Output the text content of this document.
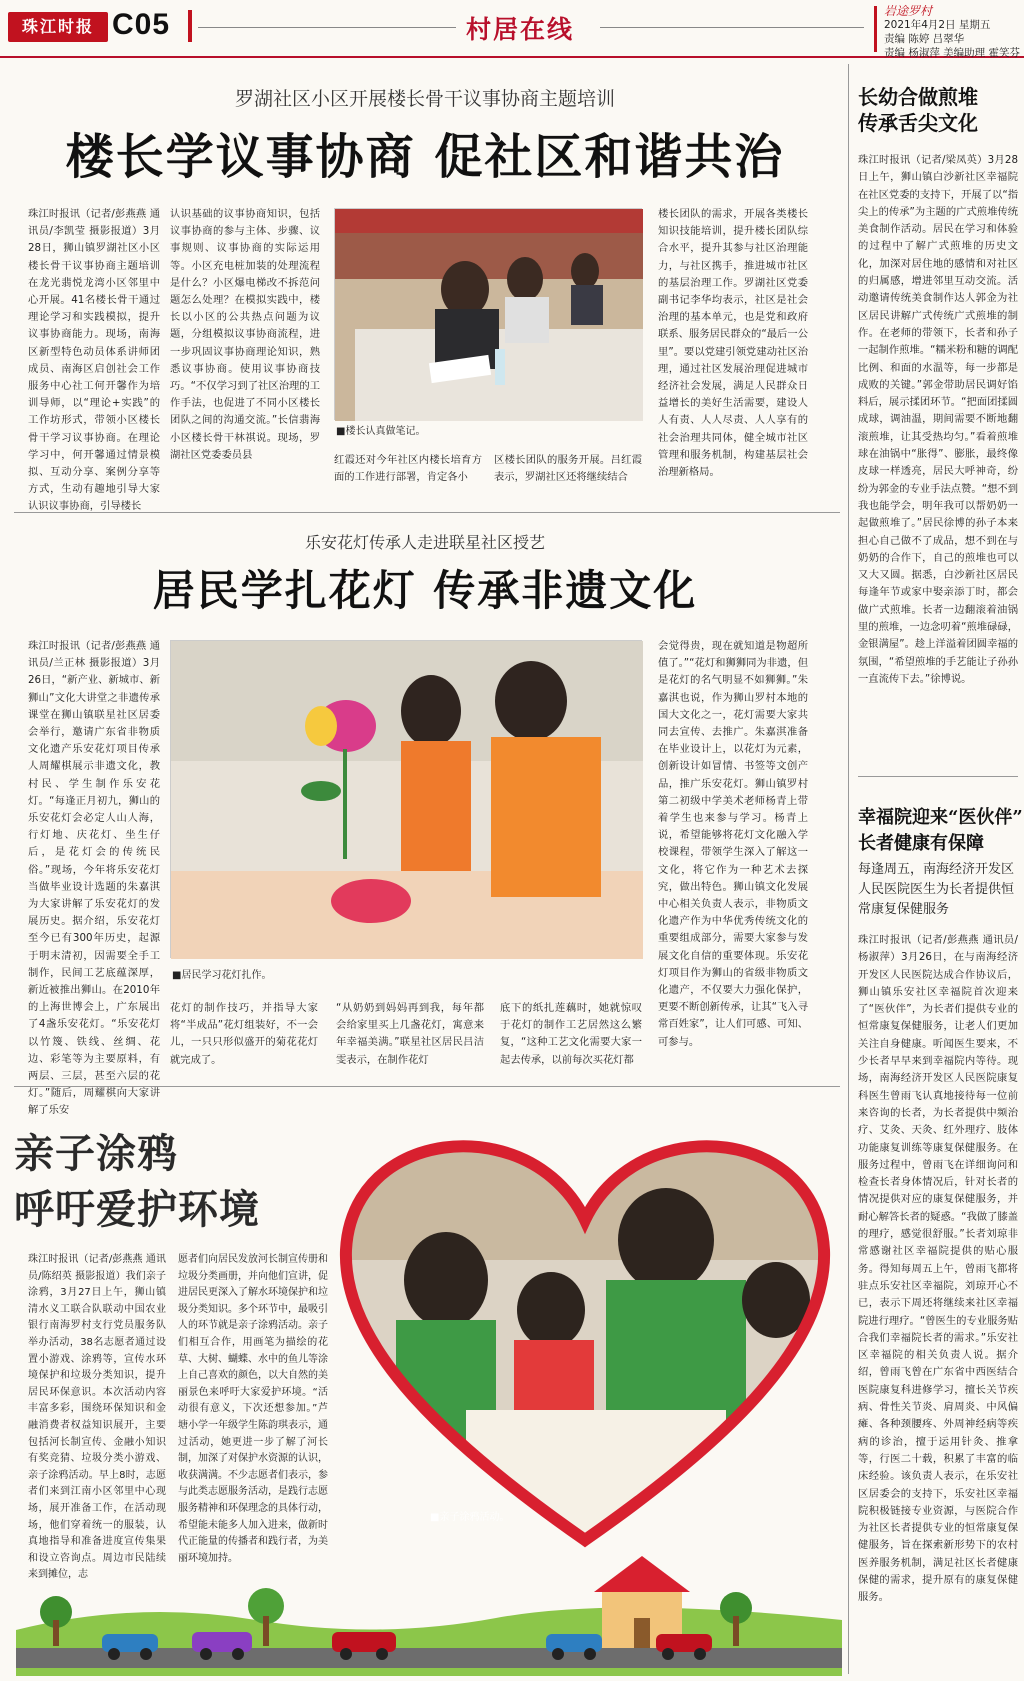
珠江时报 C05	村居在线
岩途罗村
2021年4月2日 星期五
责编 陈婷 吕翠华
责编 杨淑萍 美编助理 霍笑芬
罗湖社区小区开展楼长骨干议事协商主题培训
楼长学议事协商 促社区和谐共治
珠江时报讯（记者/彭燕燕 通讯员/李凯莹 摄影报道）3月28日，狮山镇罗湖社区小区楼长骨干议事协商主题培训在龙光翡悦龙湾小区邻里中心开展。41名楼长骨干通过理论学习和实践模拟，提升议事协商能力。现场，南海区新型特色动员体系讲师团成员、南海区启创社会工作服务中心社工何开馨作为培训导师，以“理论+实践”的工作坊形式，带领小区楼长骨干学习议事协商。在理论学习中，何开馨通过情景模拟、互动分享、案例分享等方式，生动有趣地引导大家认识议事协商，引导楼长
认识基础的议事协商知识，包括议事协商的参与主体、步骤、议事规则、议事协商的实际运用等。小区充电桩加装的处理流程是什么？小区爆电梯改不拆范问题怎么处理？在模拟实践中，楼长以小区的公共热点问题为议题，分组模拟议事协商流程，进一步巩固议事协商理论知识，熟悉议事协商。使用议事协商技巧。“不仅学习到了社区治理的工作手法，也促进了不同小区楼长团队之间的沟通交流。”长信翡海小区楼长骨干林祺说。现场，罗湖社区党委委员县
■楼长认真做笔记。
红霞还对今年社区内楼长培育方面的工作进行部署，肯定各小
区楼长团队的服务开展。吕红霞表示，罗湖社区还将继续结合
楼长团队的需求，开展各类楼长知识技能培训，提升楼长团队综合水平，提升其参与社区治理能力，与社区携手，推进城市社区的基层治理工作。罗湖社区党委副书记李华均表示，社区是社会治理的基本单元，也是党和政府联系、服务居民群众的“最后一公里”。要以党建引领党建动社区治理，通过社区发展治理促进城市经济社会发展，满足人民群众日益增长的美好生活需要，建设人人有责、人人尽责、人人享有的社会治理共同体，健全城市社区管理和服务机制，构建基层社会治理新格局。
乐安花灯传承人走进联星社区授艺
居民学扎花灯 传承非遗文化
珠江时报讯（记者/彭燕燕 通讯员/兰正林 摄影报道）3月26日，“新产业、新城市、新狮山”文化大讲堂之非遗传承课堂在狮山镇联星社区居委会举行，邀请广东省非物质文化遗产乐安花灯项目传承人周耀棋展示非遗文化，教村民、学生制作乐安花灯。“每逢正月初九，狮山的乐安花灯会必定人山人海，行灯地、庆花灯、坐生仔后，是花灯会的传统民俗。”现场，今年将乐安花灯当做毕业设计选题的朱嘉淇为大家讲解了乐安花灯的发展历史。据介绍，乐安花灯至今已有300年历史，起源于明末清初，因需要全手工制作，民间工艺底蕴深厚，新近被推出狮山。在2010年的上海世博会上，广东展出了4盏乐安花灯。“乐安花灯以竹篾、铁线、丝绸、花边、彩笔等为主要原料，有两层、三层，甚至六层的花灯。”随后，周耀棋向大家讲解了乐安
■居民学习花灯扎作。
花灯的制作技巧，并指导大家将“半成品”花灯组装好，不一会儿，一只只形似盛开的菊花花灯就完成了。
“从奶奶到妈妈再到我，每年都会给家里买上几盏花灯，寓意来年幸福美满。”联星社区居民吕洁雯表示，在制作花灯
底下的纸扎莲藕时，她就惊叹于花灯的制作工艺居然这么繁复，“这种工艺文化需要大家一起去传承，以前每次买花灯都
会觉得贵，现在就知道是物超所值了。”“花灯和狮狮同为非遗，但是花灯的名气明显不如狮狮。”朱嘉淇也说，作为狮山罗村本地的国大文化之一，花灯需要大家共同去宣传、去推广。朱嘉淇准备在毕业设计上，以花灯为元素，创新设计如冒情、书签等文创产品，推广乐安花灯。狮山镇罗村第二初级中学美术老师杨青上带着学生也来参与学习。杨青上说，希望能够将花灯文化融入学校课程，带领学生深入了解这一文化，将它作为一种艺术去探究，做出特色。狮山镇文化发展中心相关负责人表示，非物质文化遗产作为中华优秀传统文化的重要组成部分，需要大家参与发展文化自信的重要体现。乐安花灯项目作为狮山的省级非物质文化遗产，不仅要大力强化保护，更要不断创新传承，让其“飞入寻常百姓家”，让人们可感、可知、可参与。
亲子涂鸦
呼吁爱护环境
珠江时报讯（记者/彭燕燕 通讯员/陈绍英 摄影报道）我们亲子涂鸦，3月27日上午，狮山镇清水义工联合队联动中国农业银行南海罗村支行党员服务队举办活动，38名志愿者通过设置小游戏、涂鸦等，宣传水环境保护和垃圾分类知识，提升居民环保意识。本次活动内容丰富多彩，围绕环保知识和金融消费者权益知识展开，主要包括河长制宣传、金融小知识有奖竞猜、垃圾分类小游戏、亲子涂鸦活动。早上8时，志愿者们来到江南小区邻里中心现场，展开准备工作，在活动现场，他们穿着统一的服装，认真地指导和准备进度宣传集果和设立咨询点。周边市民陆续来到摊位，志
愿者们向居民发放河长制宣传册和垃圾分类画册，并向他们宣讲，促进居民更深入了解水环境保护和垃圾分类知识。多个环节中，最吸引人的环节就是亲子涂鸦活动。亲子们相互合作，用画笔为描绘的花草、大树、蝴蝶、水中的鱼儿等涂上自己喜欢的颜色，以大自然的美丽景色来呼吁大家爱护环境。“活动很有意义，下次还想参加。”芦塘小学一年级学生陈韵琪表示，通过活动，她更进一步了解了河长制，加深了对保护水资源的认识，收获满满。不少志愿者们表示，参与此类志愿服务活动，是践行志愿服务精神和环保理念的具体行动，希望能未能多人加入进来，做新时代正能量的传播者和践行者，为美丽环境加持。
■亲子涂鸦活动。
长幼合做煎堆
传承舌尖文化
珠江时报讯（记者/梁凤英）3月28日上午，狮山镇白沙新社区幸福院在社区党委的支持下，开展了以“指尖上的传承”为主题的广式煎堆传统美食制作活动。居民在学习和体验的过程中了解广式煎堆的历史文化，加深对居住地的感情和对社区的归属感，增进邻里互动交流。活动邀请传统美食制作达人郭金为社区居民讲解广式传统广式煎堆的制作。在老师的带领下，长者和孙子一起制作煎堆。“糯米粉和糖的调配比例、和面的水温等，每一步都是成败的关键。”郭金带助居民调好馅料后，展示揉团环节。“把面团揉圆成球，调油温，期间需要不断地翻滚煎堆，让其受热均匀。”看着煎堆球在油锅中“胀得”、膨胀，最终像皮球一样透亮，居民大呼神奇，纷纷为郭金的专业手法点赞。“想不到我也能学会，明年我可以帮奶奶一起做煎堆了。”居民徐博的孙子本来担心自己做不了成品，想不到在与奶奶的合作下，自己的煎堆也可以又大又圆。据悉，白沙新社区居民每逢年节或家中娶亲添丁时，都会做广式煎堆。长者一边翻滚着油锅里的煎堆，一边念叨着“煎堆碌碌，金银满屋”。趁上洋溢着团圆幸福的氛围，“希望煎堆的手艺能让子孙孙一直流传下去。”徐博说。
幸福院迎来“医伙伴”
长者健康有保障
每逢周五，南海经济开发区人民医院医生为长者提供恒常康复保健服务
珠江时报讯（记者/彭燕燕 通讯员/杨淑萍）3月26日，在与南海经济开发区人民医院达成合作协议后，狮山镇乐安社区幸福院首次迎来了“医伙伴”，为长者们提供专业的恒常康复保健服务，让老人们更加关注自身健康。听闻医生要来，不少长者早早来到幸福院内等待。现场，南海经济开发区人民医院康复科医生曾雨飞认真地接待每一位前来咨询的长者，为长者提供中频治疗、艾灸、天灸、红外理疗、肢体功能康复训练等康复保健服务。在服务过程中，曾雨飞在详细询问和检查长者身体情况后，针对长者的情况提供对应的康复保健服务，并耐心解答长者的疑惑。“我做了膝盖的理疗，感觉很舒服。”长者刘琼非常感谢社区幸福院提供的贴心服务。得知每周五上午，曾雨飞都将驻点乐安社区幸福院，刘琼开心不已，表示下周还将继续来社区幸福院进行理疗。“曾医生的专业服务贴合我们幸福院长者的需求。”乐安社区幸福院的相关负责人说。据介绍，曾雨飞曾在广东省中西医结合医院康复科进修学习，擅长关节疾病、骨性关节炎、肩周炎、中风偏瘫、各种颈腰疼、外周神经病等疾病的诊治，擅于运用针灸、推拿等，行医二十载，积累了丰富的临床经验。该负责人表示，在乐安社区居委会的支持下，乐安社区幸福院积极链接专业资源，与医院合作为社区长者提供专业的恒常康复保健服务，旨在探索新形势下的农村医养服务机制，满足社区长者健康保健的需求，提升原有的康复保健服务。
